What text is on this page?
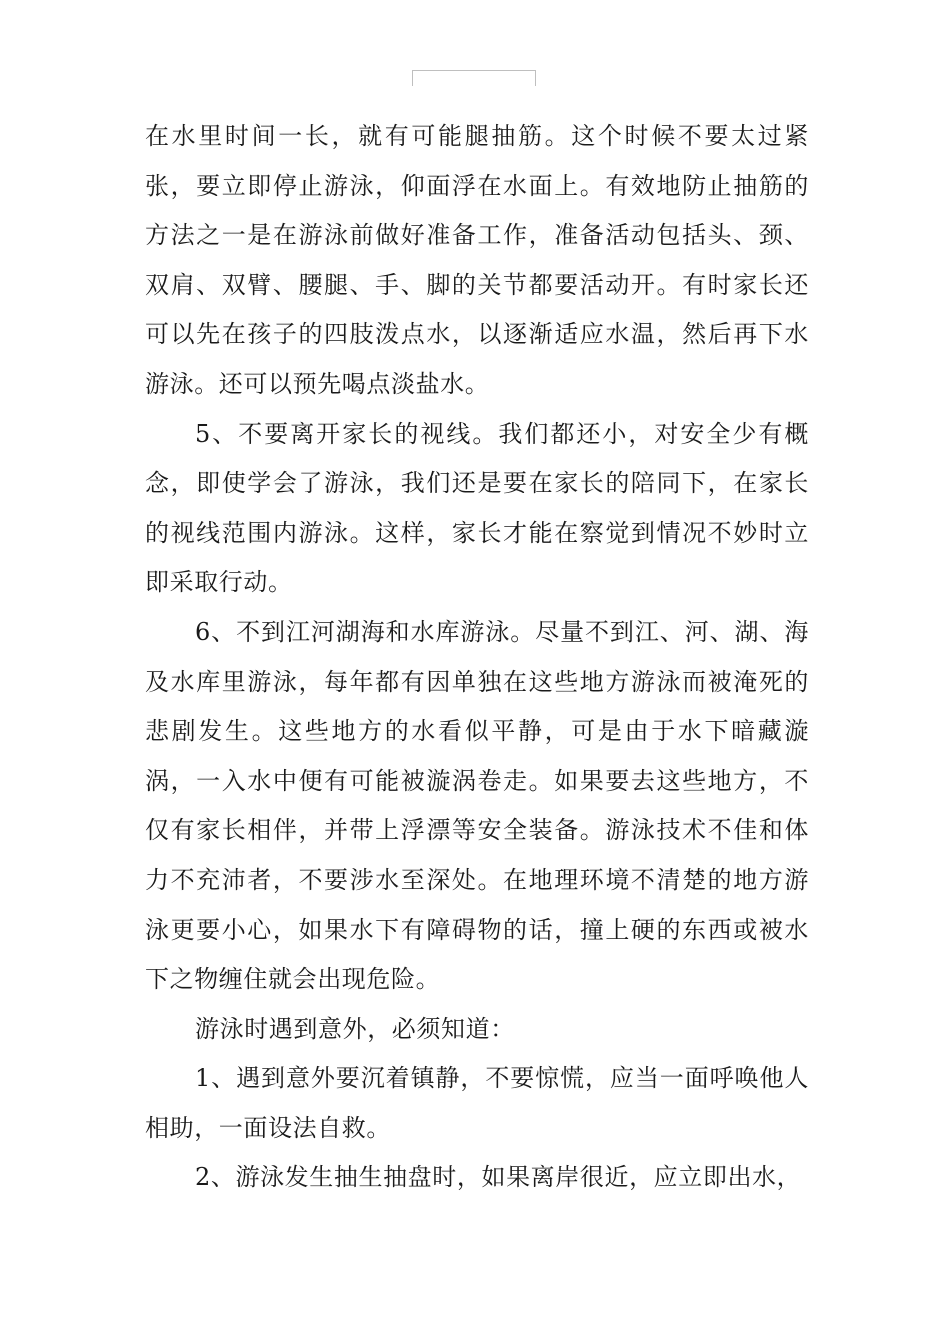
在水里时间一长，就有可能腿抽筋。这个时候不要太过紧张，要立即停止游泳，仰面浮在水面上。有效地防止抽筋的方法之一是在游泳前做好准备工作，准备活动包括头、颈、双肩、双臂、腰腿、手、脚的关节都要活动开。有时家长还可以先在孩子的四肢泼点水，以逐渐适应水温，然后再下水游泳。还可以预先喝点淡盐水。

5、不要离开家长的视线。我们都还小，对安全少有概念，即使学会了游泳，我们还是要在家长的陪同下，在家长的视线范围内游泳。这样，家长才能在察觉到情况不妙时立即采取行动。

6、不到江河湖海和水库游泳。尽量不到江、河、湖、海及水库里游泳，每年都有因单独在这些地方游泳而被淹死的悲剧发生。这些地方的水看似平静，可是由于水下暗藏漩涡，一入水中便有可能被漩涡卷走。如果要去这些地方，不仅有家长相伴，并带上浮漂等安全装备。游泳技术不佳和体力不充沛者，不要涉水至深处。在地理环境不清楚的地方游泳更要小心，如果水下有障碍物的话，撞上硬的东西或被水下之物缠住就会出现危险。

游泳时遇到意外，必须知道：

1、遇到意外要沉着镇静，不要惊慌，应当一面呼唤他人相助，一面设法自救。

2、游泳发生抽生抽盘时，如果离岸很近，应立即出水，
